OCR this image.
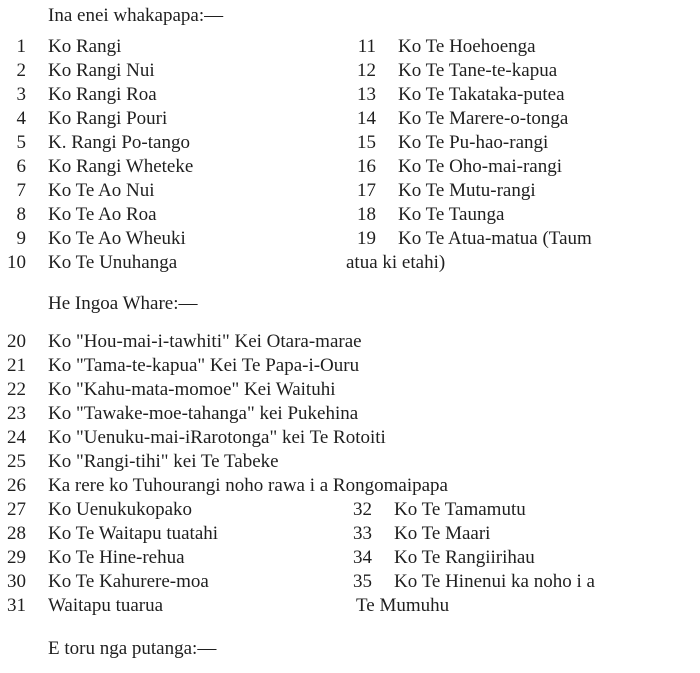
Ina enei whakapapa:—
1 Ko Rangi
2 Ko Rangi Nui
3 Ko Rangi Roa
4 Ko Rangi Pouri
5 K. Rangi Po-tango
6 Ko Rangi Wheteke
7 Ko Te Ao Nui
8 Ko Te Ao Roa
9 Ko Te Ao Wheuki
10 Ko Te Unuhanga
11 Ko Te Hoehoenga
12 Ko Te Tane-te-kapua
13 Ko Te Takataka-putea
14 Ko Te Marere-o-tonga
15 Ko Te Pu-hao-rangi
16 Ko Te Oho-mai-rangi
17 Ko Te Mutu-rangi
18 Ko Te Taunga
19 Ko Te Atua-matua (Taum
atua ki etahi)
He Ingoa Whare:—
20 Ko "Hou-mai-i-tawhiti" Kei Otara-marae
21 Ko "Tama-te-kapua" Kei Te Papa-i-Ouru
22 Ko "Kahu-mata-momoe" Kei Waituhi
23 Ko "Tawake-moe-tahanga" kei Pukehina
24 Ko "Uenuku-mai-iRarotonga" kei Te Rotoiti
25 Ko "Rangi-tihi" kei Te Tabeke
26 Ka rere ko Tuhourangi noho rawa i a Rongomaipapa
27 Ko Uenukukopako
28 Ko Te Waitapu tuatahi
29 Ko Te Hine-rehua
30 Ko Te Kahurere-moa
31 Waitapu tuarua
32 Ko Te Tamamutu
33 Ko Te Maari
34 Ko Te Rangiirihau
35 Ko Te Hinenui ka noho i a
Te Mumuhu
E toru nga putanga:—
